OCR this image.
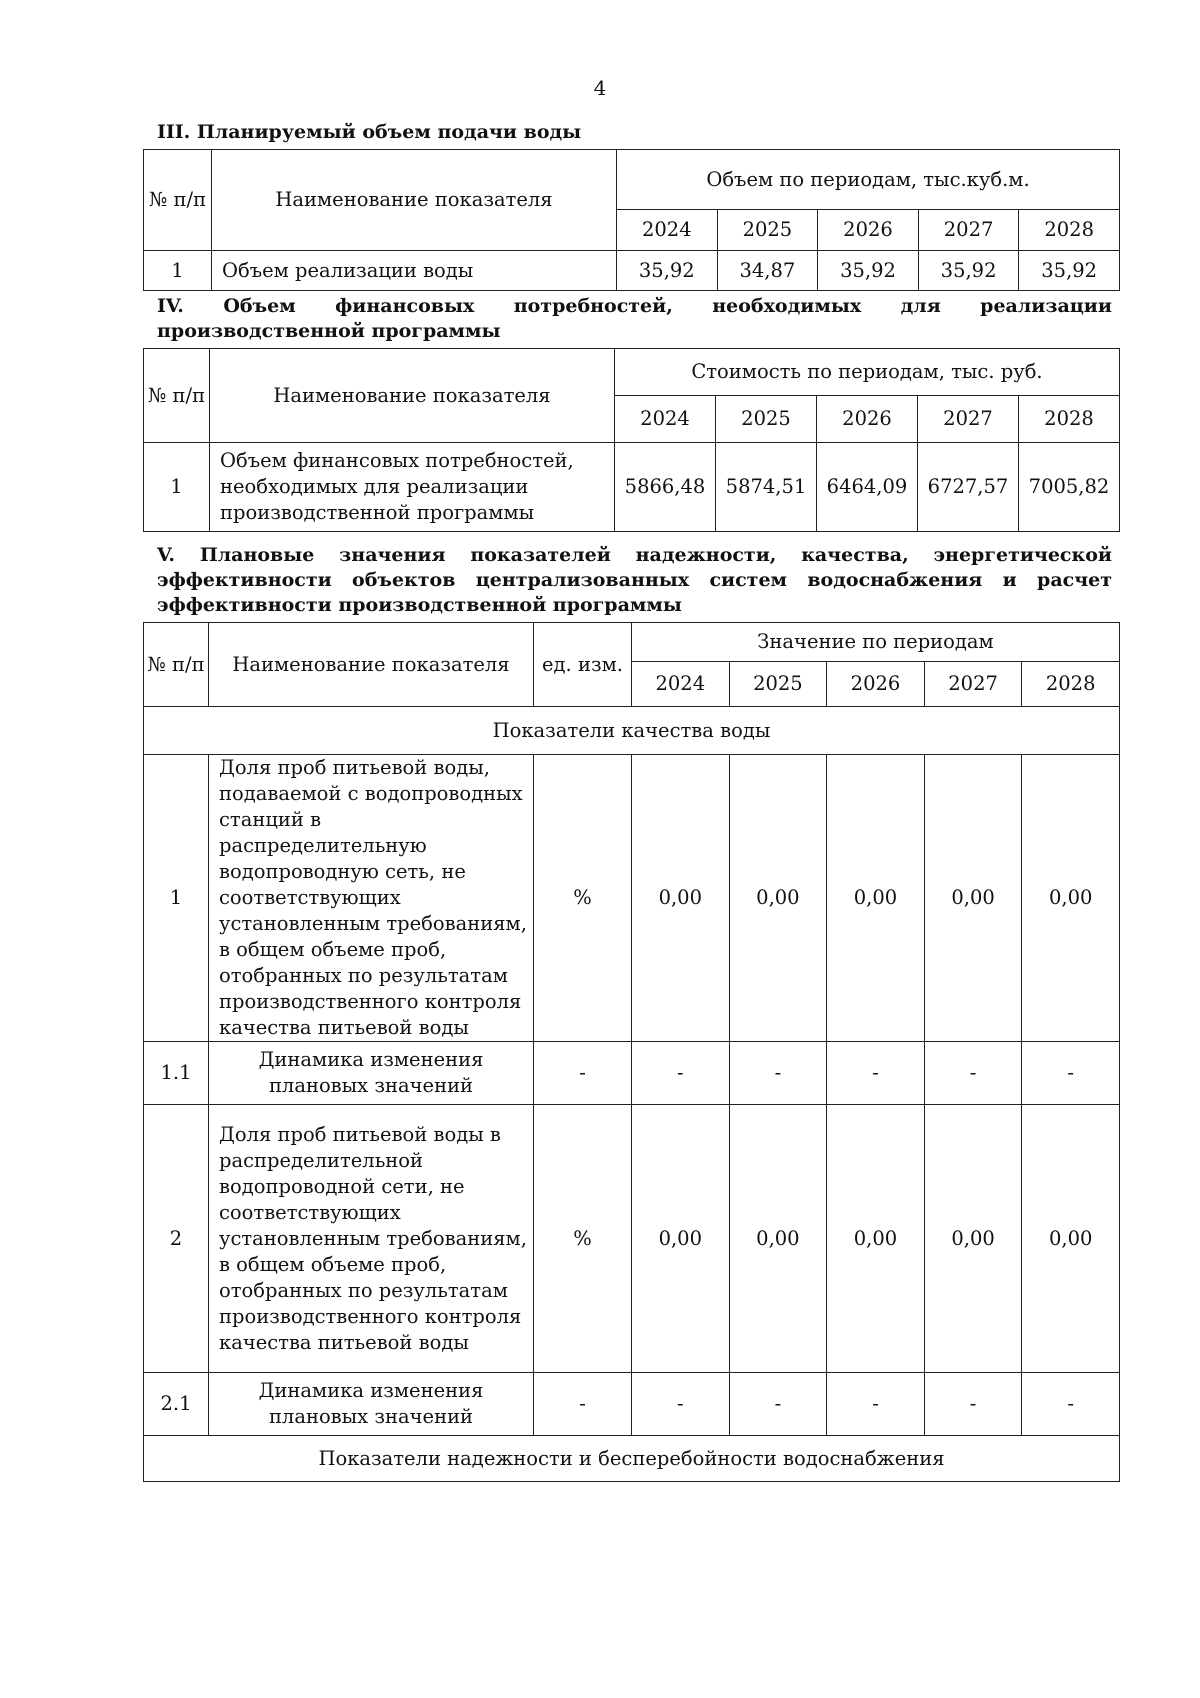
4
III. Планируемый объем подачи воды
№ п/п	Наименование показателя	Объем по периодам, тыс.куб.м.				
		2024	2025	2026	2027	2028
1	Объем реализации воды	35,92	34,87	35,92	35,92	35,92
IV. Объем финансовых потребностей, необходимых для реализации производственной программы
№ п/п	Наименование показателя	Стоимость по периодам, тыс. руб.				
		2024	2025	2026	2027	2028
1	Объем финансовых потребностей, необходимых для реализации производственной программы	5866,48	5874,51	6464,09	6727,57	7005,82
V. Плановые значения показателей надежности, качества, энергетической эффективности объектов централизованных систем водоснабжения и расчет эффективности производственной программы
№ п/п	Наименование показателя	ед. изм.	Значение по периодам				
			2024	2025	2026	2027	2028
Показатели качества воды							
1	Доля проб питьевой воды, подаваемой с водопроводных станций в распределительную водопроводную сеть, не соответствующих установленным требованиям, в общем объеме проб, отобранных по результатам производственного контроля качества питьевой воды	%	0,00	0,00	0,00	0,00	0,00
1.1	Динамика изменения плановых значений	-	-	-	-	-	-
2	Доля проб питьевой воды в распределительной водопроводной сети, не соответствующих установленным требованиям, в общем объеме проб, отобранных по результатам производственного контроля качества питьевой воды	%	0,00	0,00	0,00	0,00	0,00
2.1	Динамика изменения плановых значений	-	-	-	-	-	-
Показатели надежности и бесперебойности водоснабжения							
